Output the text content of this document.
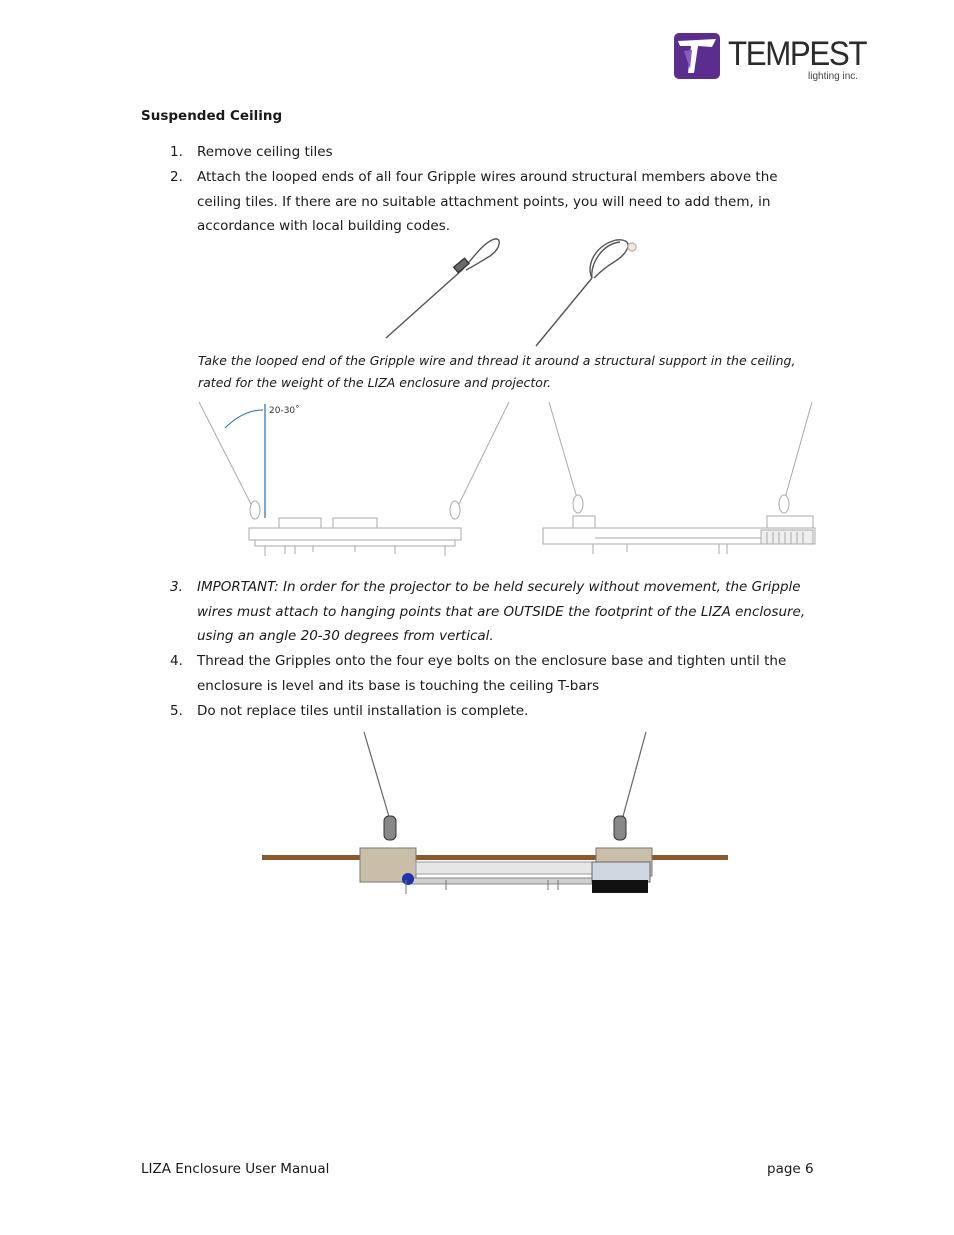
TEMPEST
lighting inc.
Suspended Ceiling
1. Remove ceiling tiles
2. Attach the looped ends of all four Gripple wires around structural members above the ceiling tiles. If there are no suitable attachment points, you will need to add them, in accordance with local building codes.
Take the looped end of the Gripple wire and thread it around a structural support in the ceiling, rated for the weight of the LIZA enclosure and projector.
20-30˚
3. IMPORTANT: In order for the projector to be held securely without movement, the Gripple wires must attach to hanging points that are OUTSIDE the footprint of the LIZA enclosure, using an angle 20-30 degrees from vertical.
4. Thread the Gripples onto the four eye bolts on the enclosure base and tighten until the enclosure is level and its base is touching the ceiling T-bars
5. Do not replace tiles until installation is complete.
LIZA Enclosure User Manual	page 6
